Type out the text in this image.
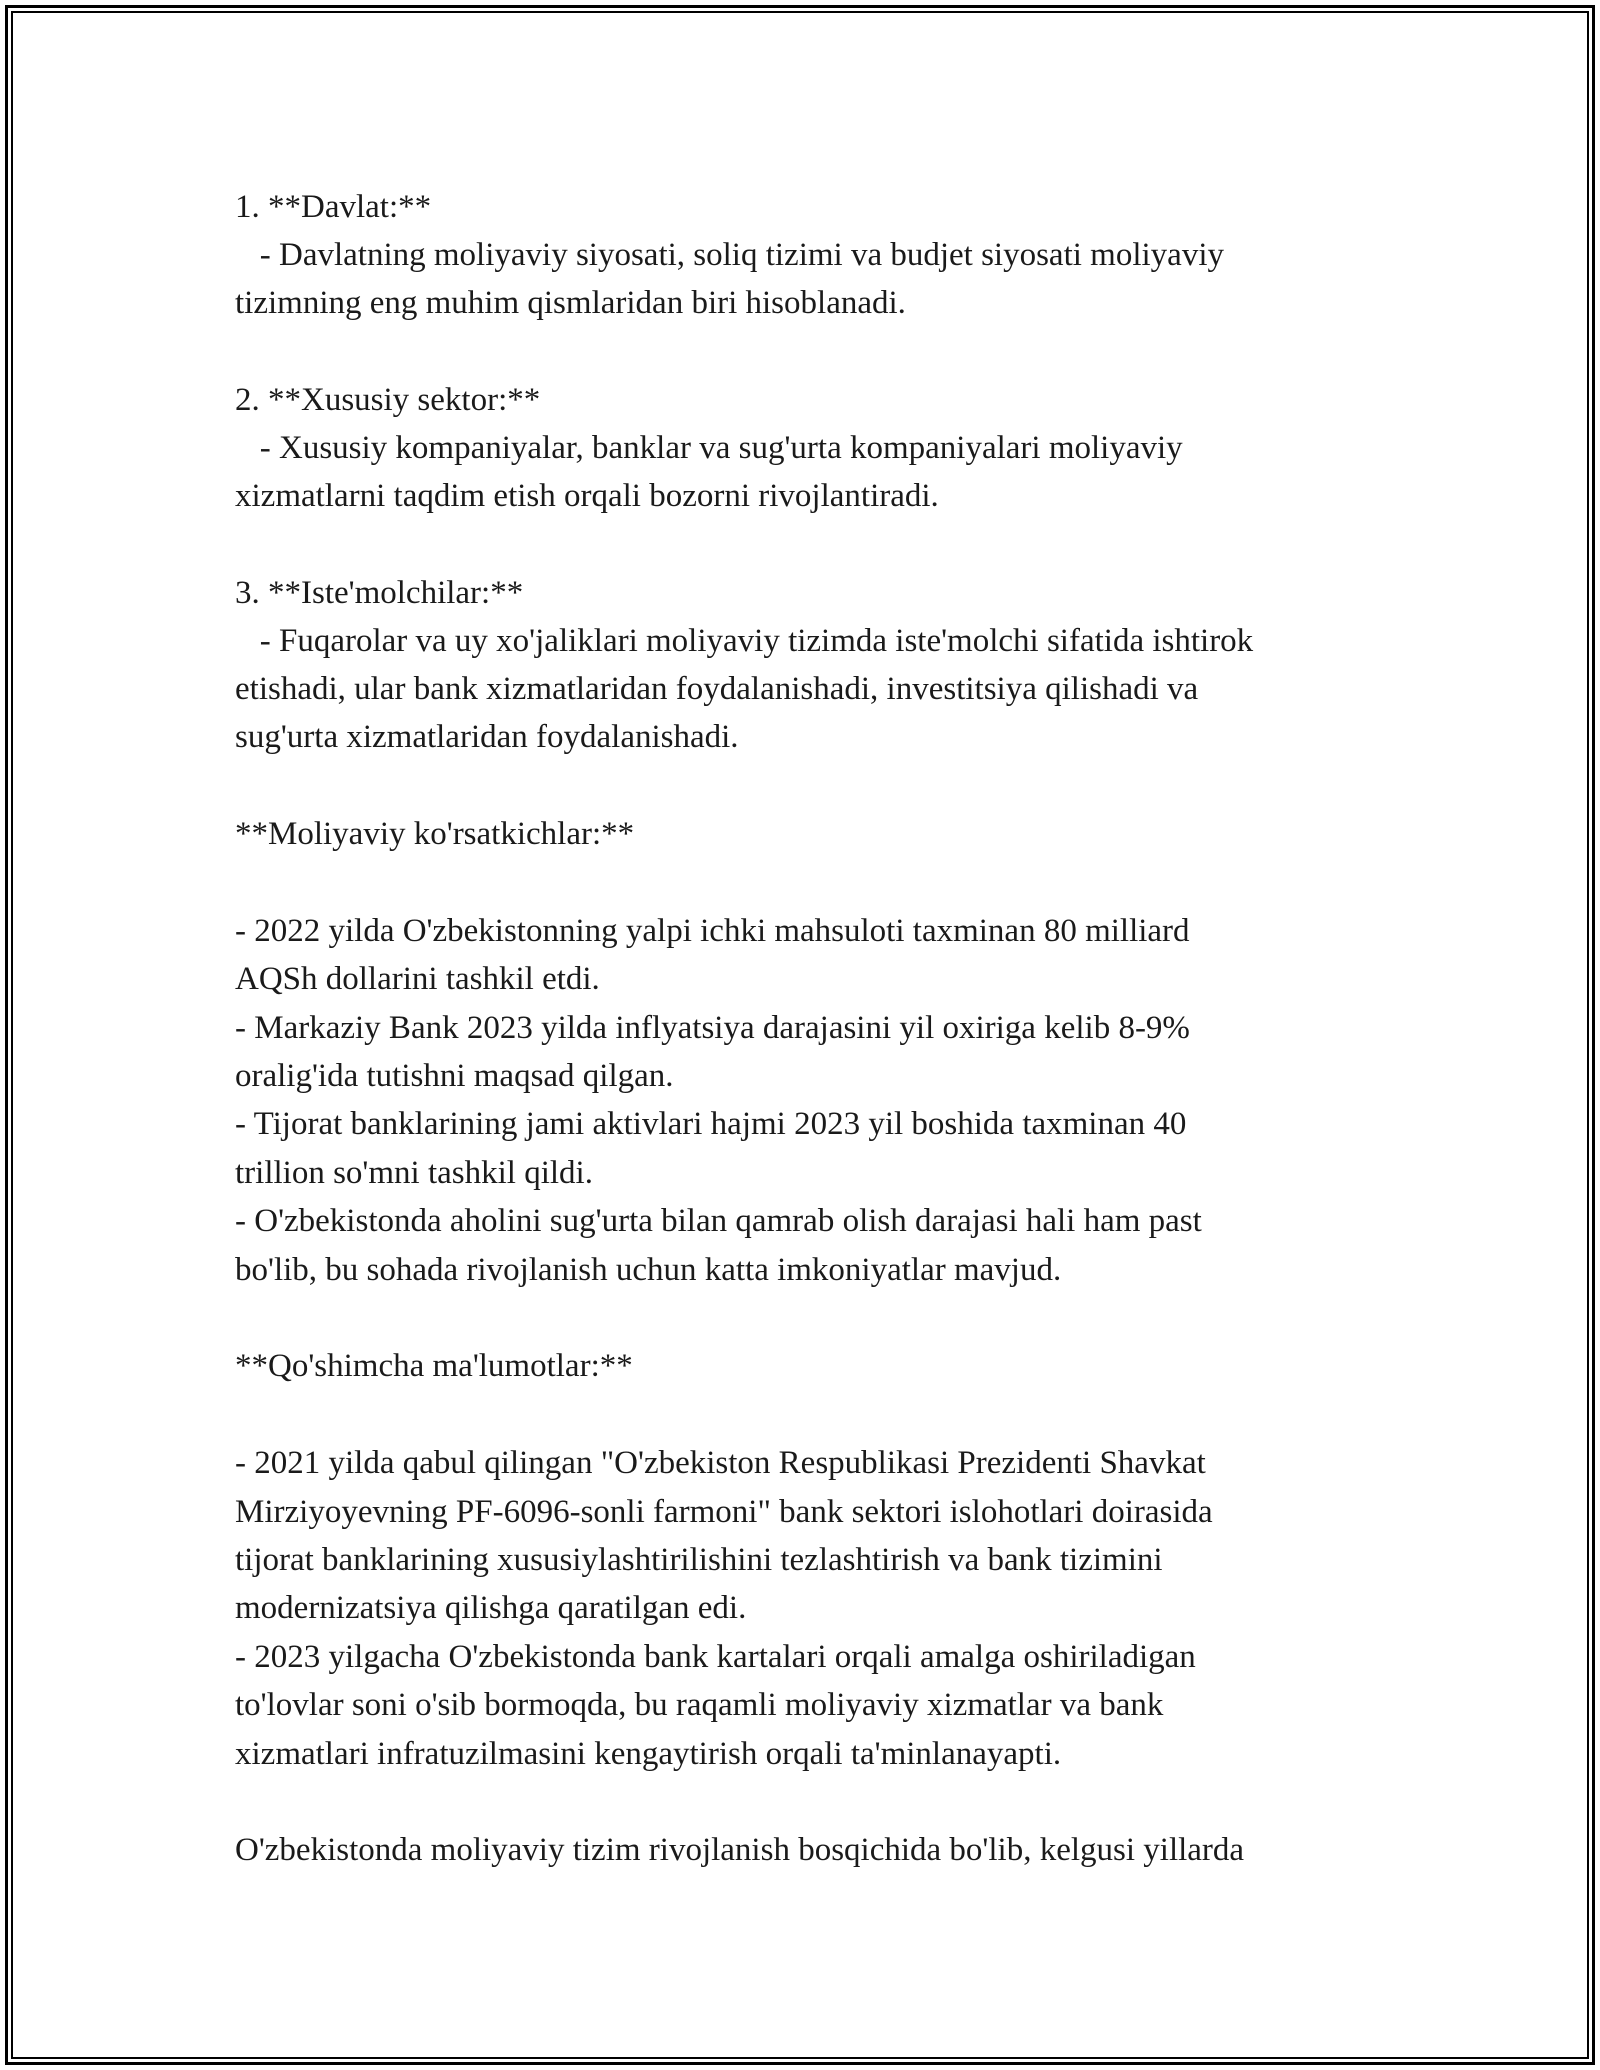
1. **Davlat:**

- Davlatning moliyaviy siyosati, soliq tizimi va budjet siyosati moliyaviy

tizimning eng muhim qismlaridan biri hisoblanadi.

2. **Xususiy sektor:**

- Xususiy kompaniyalar, banklar va sug'urta kompaniyalari moliyaviy

xizmatlarni taqdim etish orqali bozorni rivojlantiradi.

3. **Iste'molchilar:**

- Fuqarolar va uy xo'jaliklari moliyaviy tizimda iste'molchi sifatida ishtirok

etishadi, ular bank xizmatlaridan foydalanishadi, investitsiya qilishadi va

sug'urta xizmatlaridan foydalanishadi.

**Moliyaviy ko'rsatkichlar:**

- 2022 yilda O'zbekistonning yalpi ichki mahsuloti taxminan 80 milliard

AQSh dollarini tashkil etdi.

- Markaziy Bank 2023 yilda inflyatsiya darajasini yil oxiriga kelib 8-9%

oralig'ida tutishni maqsad qilgan.

- Tijorat banklarining jami aktivlari hajmi 2023 yil boshida taxminan 40

trillion so'mni tashkil qildi.

- O'zbekistonda aholini sug'urta bilan qamrab olish darajasi hali ham past

bo'lib, bu sohada rivojlanish uchun katta imkoniyatlar mavjud.

**Qo'shimcha ma'lumotlar:**

- 2021 yilda qabul qilingan "O'zbekiston Respublikasi Prezidenti Shavkat

Mirziyoyevning PF-6096-sonli farmoni" bank sektori islohotlari doirasida

tijorat banklarining xususiylashtirilishini tezlashtirish va bank tizimini

modernizatsiya qilishga qaratilgan edi.

- 2023 yilgacha O'zbekistonda bank kartalari orqali amalga oshiriladigan

to'lovlar soni o'sib bormoqda, bu raqamli moliyaviy xizmatlar va bank

xizmatlari infratuzilmasini kengaytirish orqali ta'minlanayapti.

O'zbekistonda moliyaviy tizim rivojlanish bosqichida bo'lib, kelgusi yillarda
